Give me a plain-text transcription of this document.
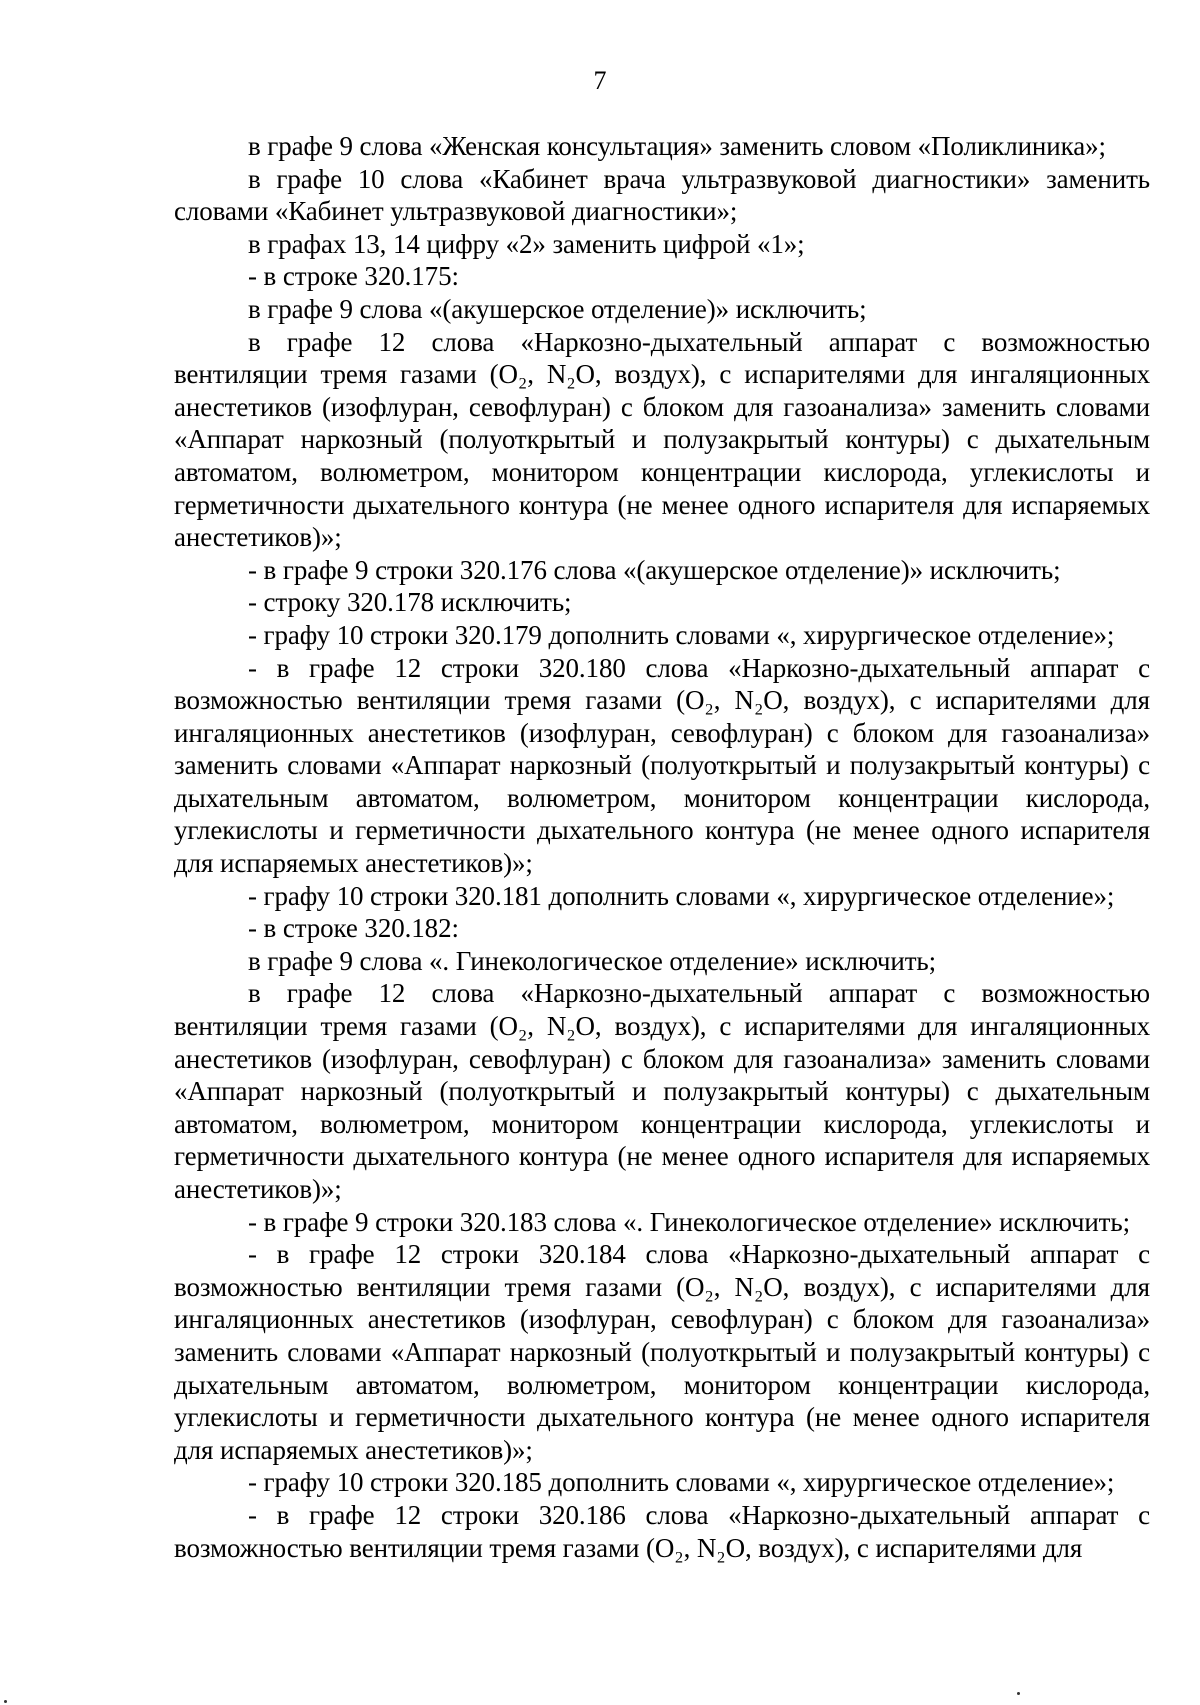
7

в графе 9 слова «Женская консультация» заменить словом «Поликлиника»;

в графе 10 слова «Кабинет врача ультразвуковой диагностики» заменить словами «Кабинет ультразвуковой диагностики»;

в графах 13, 14 цифру «2» заменить цифрой «1»;

- в строке 320.175:

в графе 9 слова «(акушерское отделение)» исключить;

в графе 12 слова «Наркозно-дыхательный аппарат с возможностью вентиляции тремя газами (O₂, N₂O, воздух), с испарителями для ингаляционных анестетиков (изофлуран, севофлуран) с блоком для газоанализа» заменить словами «Аппарат наркозный (полуоткрытый и полузакрытый контуры) с дыхательным автоматом, волюметром, монитором концентрации кислорода, углекислоты и герметичности дыхательного контура (не менее одного испарителя для испаряемых анестетиков)»;

- в графе 9 строки 320.176 слова «(акушерское отделение)» исключить;

- строку 320.178 исключить;

- графу 10 строки 320.179 дополнить словами «, хирургическое отделение»;

- в графе 12 строки 320.180 слова «Наркозно-дыхательный аппарат с возможностью вентиляции тремя газами (O₂, N₂O, воздух), с испарителями для ингаляционных анестетиков (изофлуран, севофлуран) с блоком для газоанализа» заменить словами «Аппарат наркозный (полуоткрытый и полузакрытый контуры) с дыхательным автоматом, волюметром, монитором концентрации кислорода, углекислоты и герметичности дыхательного контура (не менее одного испарителя для испаряемых анестетиков)»;

- графу 10 строки 320.181 дополнить словами «, хирургическое отделение»;

- в строке 320.182:

в графе 9 слова «. Гинекологическое отделение» исключить;

в графе 12 слова «Наркозно-дыхательный аппарат с возможностью вентиляции тремя газами (O₂, N₂O, воздух), с испарителями для ингаляционных анестетиков (изофлуран, севофлуран) с блоком для газоанализа» заменить словами «Аппарат наркозный (полуоткрытый и полузакрытый контуры) с дыхательным автоматом, волюметром, монитором концентрации кислорода, углекислоты и герметичности дыхательного контура (не менее одного испарителя для испаряемых анестетиков)»;

- в графе 9 строки 320.183 слова «. Гинекологическое отделение» исключить;

- в графе 12 строки 320.184 слова «Наркозно-дыхательный аппарат с возможностью вентиляции тремя газами (O₂, N₂O, воздух), с испарителями для ингаляционных анестетиков (изофлуран, севофлуран) с блоком для газоанализа» заменить словами «Аппарат наркозный (полуоткрытый и полузакрытый контуры) с дыхательным автоматом, волюметром, монитором концентрации кислорода, углекислоты и герметичности дыхательного контура (не менее одного испарителя для испаряемых анестетиков)»;

- графу 10 строки 320.185 дополнить словами «, хирургическое отделение»;

- в графе 12 строки 320.186 слова «Наркозно-дыхательный аппарат с возможностью вентиляции тремя газами (O₂, N₂O, воздух), с испарителями для
